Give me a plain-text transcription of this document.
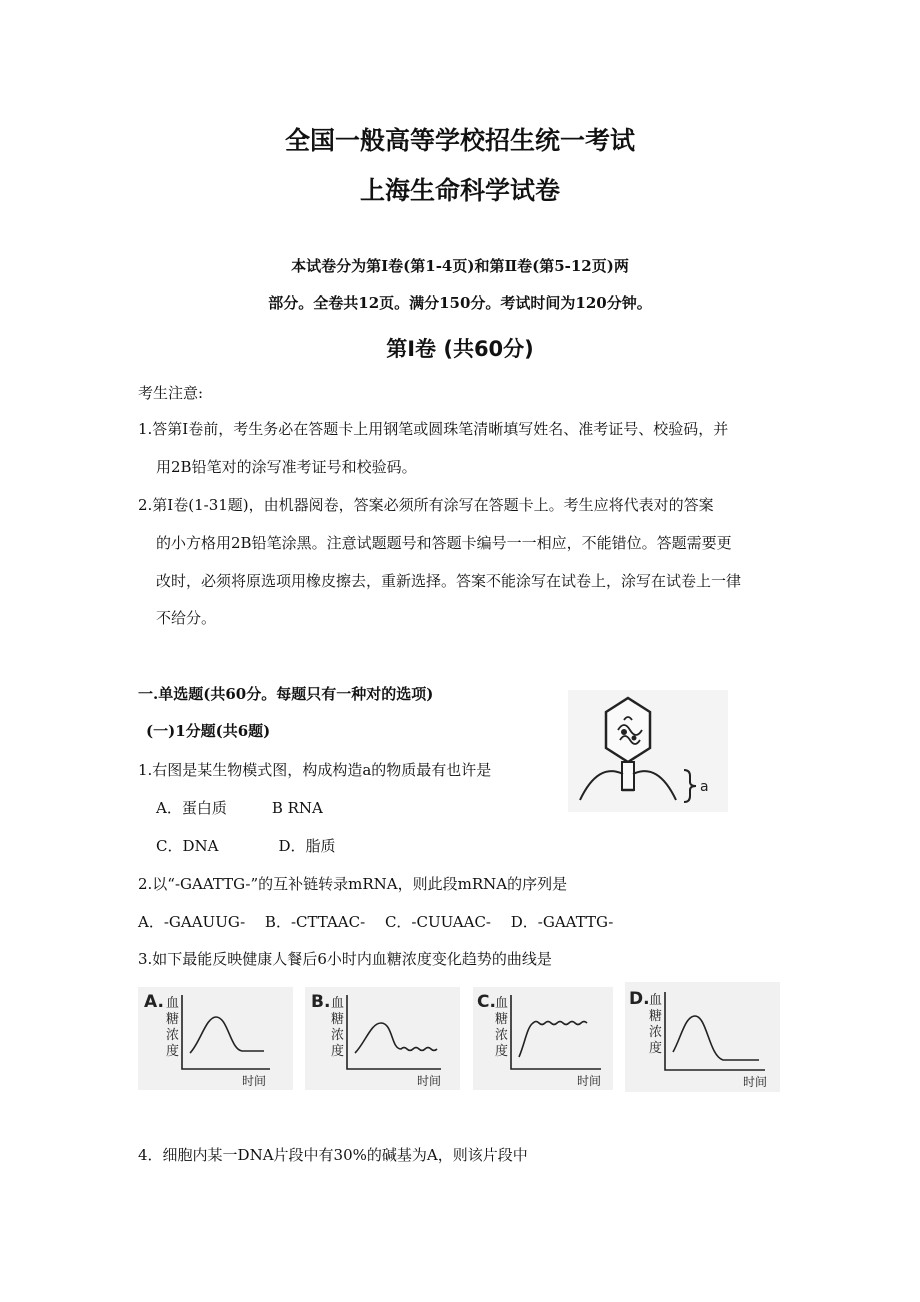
全国一般高等学校招生统一考试
上海生命科学试卷
本试卷分为第Ⅰ卷(第1-4页)和第Ⅱ卷(第5-12页)两
部分。全卷共12页。满分150分。考试时间为120分钟。
第Ⅰ卷 (共60分)
考生注意:
1.答第Ⅰ卷前，考生务必在答题卡上用钢笔或圆珠笔清晰填写姓名、准考证号、校验码，并
用2B铅笔对的涂写准考证号和校验码。
2.第Ⅰ卷(1-31题)，由机器阅卷，答案必须所有涂写在答题卡上。考生应将代表对的答案
的小方格用2B铅笔涂黑。注意试题题号和答题卡编号一一相应，不能错位。答题需要更
改时，必须将原选项用橡皮擦去，重新选择。答案不能涂写在试卷上，涂写在试卷上一律
不给分。
一.单选题(共60分。每题只有一种对的选项)
(一)1分题(共6题)
1.右图是某生物模式图，构成构造a的物质最有也许是
A．蛋白质　　　B RNA
C．DNA　　　　D．脂质
a
2.以“-GAATTG-”的互补链转录mRNA，则此段mRNA的序列是
A．-GAAUUG-　 B．-CTTAAC-　 C．-CUUAAC-　 D．-GAATTG-
3.如下最能反映健康人餐后6小时内血糖浓度变化趋势的曲线是
A. 血
糖
浓
度
时间
B. 血
糖
浓
度
时间
C. 血
糖
浓
度
时间
D. 血
糖
浓
度
时间
4．细胞内某一DNA片段中有30%的碱基为A，则该片段中
